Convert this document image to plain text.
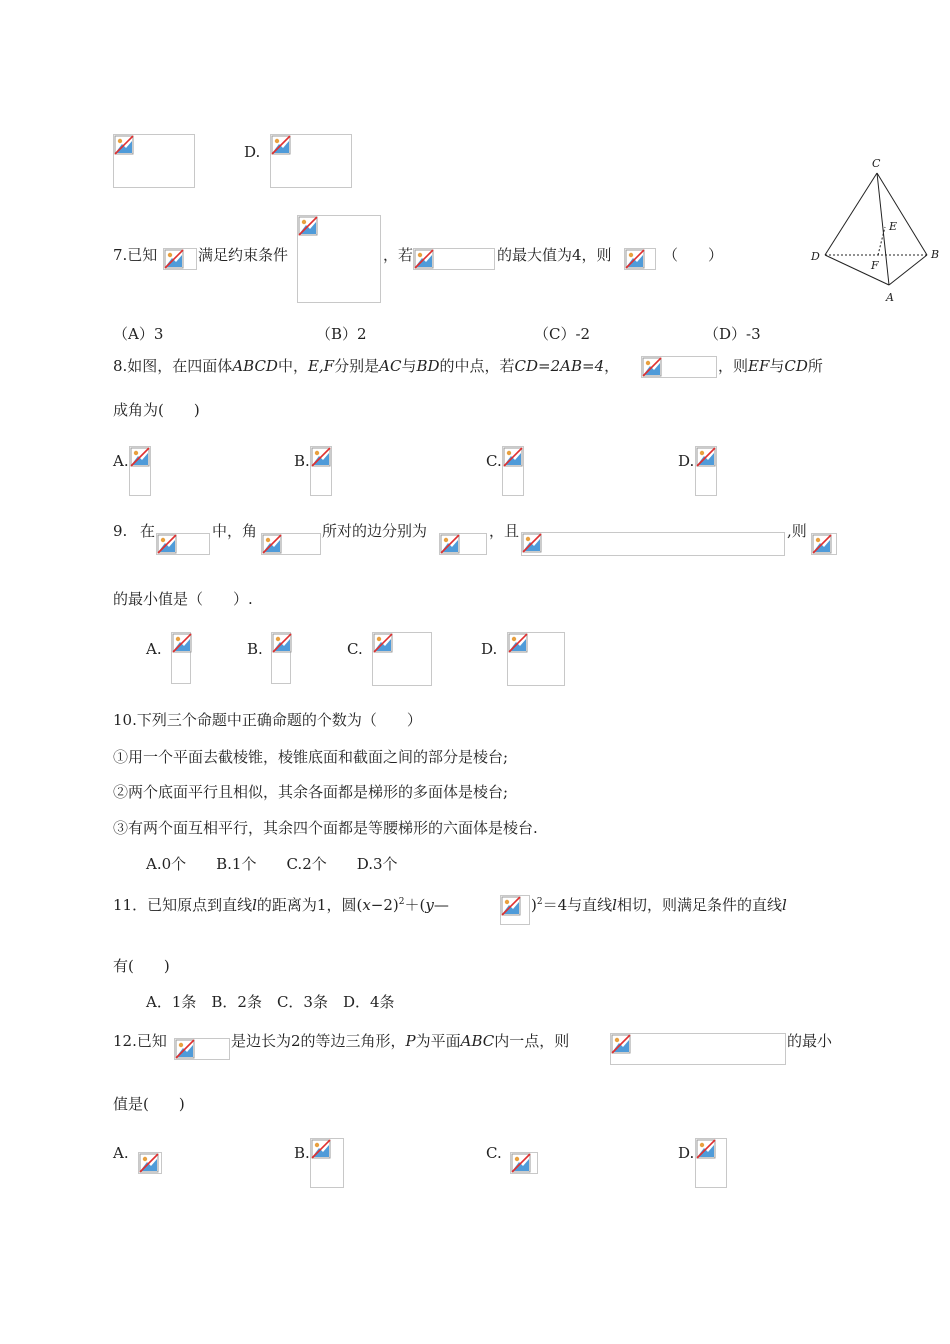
D.
C
E
D
F
B
A
7.已知	满足约束条件	，若	的最大值为4，则	（　　）
（A）3	（B）2	（C）-2	（D）-3
8.如图，在四面体ABCD中，E,F分别是AC与BD的中点，若CD=2AB=4，	，则EF与CD所
成角为(　　)
A.	B.	C.	D.
9. 在	中，角	所对的边分别为	，且	,则
的最小值是（　　）.
A.	B.	C.	D.
10.下列三个命题中正确命题的个数为（　　）
①用一个平面去截棱锥，棱锥底面和截面之间的部分是棱台;
②两个底面平行且相似，其余各面都是梯形的多面体是棱台;
③有两个面互相平行，其余四个面都是等腰梯形的六面体是棱台.
A.0个　　B.1个　　C.2个　　D.3个
11．已知原点到直线l的距离为1，圆$(x-2)^2+(y—$	)$^2$＝4与直线l相切，则满足条件的直线l
有(　　)
A．1条　B．2条　C．3条　D．4条
12.已知	是边长为2的等边三角形，P为平面ABC内一点，则	的最小
值是(　　)
A.	B.	C.	D.
